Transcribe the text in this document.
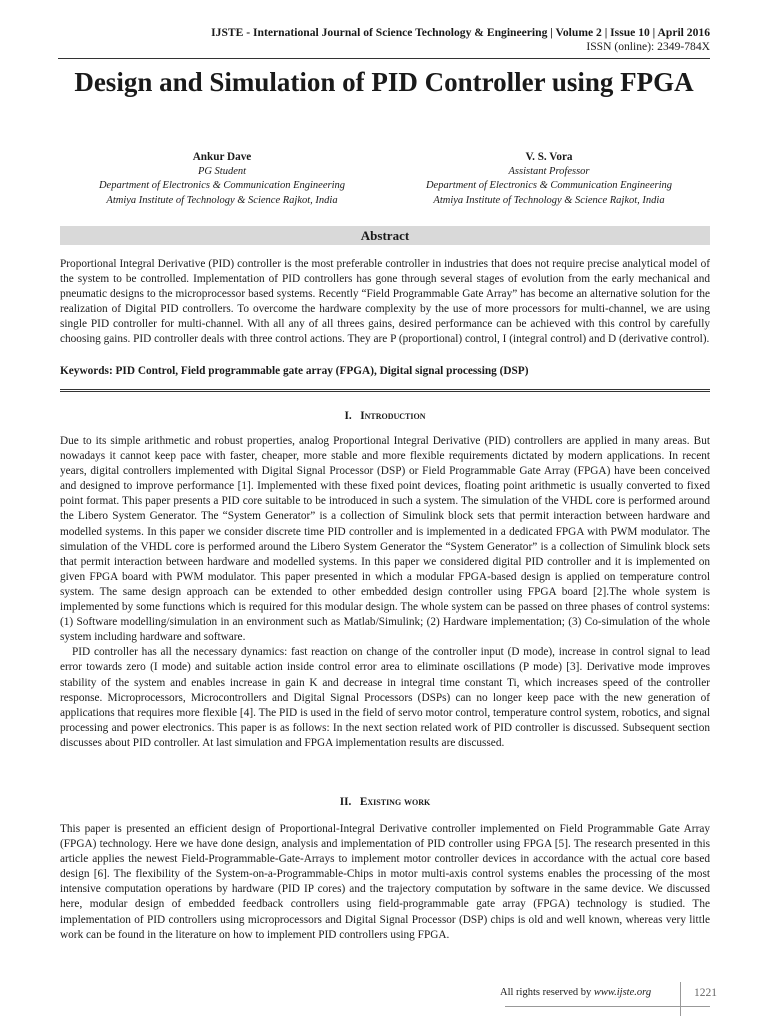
IJSTE - International Journal of Science Technology & Engineering | Volume 2 | Issue 10 | April 2016
ISSN (online): 2349-784X
Design and Simulation of PID Controller using FPGA
Ankur Dave
PG Student
Department of Electronics & Communication Engineering
Atmiya Institute of Technology & Science Rajkot, India
V. S. Vora
Assistant Professor
Department of Electronics & Communication Engineering
Atmiya Institute of Technology & Science Rajkot, India
Abstract

Proportional Integral Derivative (PID) controller is the most preferable controller in industries that does not require precise analytical model of the system to be controlled. Implementation of PID controllers has gone through several stages of evolution from the early mechanical and pneumatic designs to the microprocessor based systems. Recently “Field Programmable Gate Array” has become an alternative solution for the realization of Digital PID controllers. To overcome the hardware complexity by the use of more processors for multi-channel, we are using single PID controller for multi-channel. With all any of all threes gains, desired performance can be achieved with this control by carefully choosing gains. PID controller deals with three control actions. They are P (proportional) control, I (integral control) and D (derivative control).

Keywords: PID Control, Field programmable gate array (FPGA), Digital signal processing (DSP)
I. Introduction

Due to its simple arithmetic and robust properties, analog Proportional Integral Derivative (PID) controllers are applied in many areas. But nowadays it cannot keep pace with faster, cheaper, more stable and more flexible requirements dictated by modern applications. In recent years, digital controllers implemented with Digital Signal Processor (DSP) or Field Programmable Gate Array (FPGA) have been conceived and designed to improve performance [1]. Implemented with these fixed point devices, floating point arithmetic is usually converted to fixed point format. This paper presents a PID core suitable to be introduced in such a system. The simulation of the VHDL core is performed around the Libero System Generator. The “System Generator” is a collection of Simulink block sets that permit interaction between hardware and modelled systems. In this paper we consider discrete time PID controller and is implemented in a dedicated FPGA with PWM modulator. The simulation of the VHDL core is performed around the Libero System Generator the “System Generator” is a collection of Simulink block sets that permit interaction between hardware and modelled systems. In this paper we considered digital PID controller and it is implemented on given FPGA board with PWM modulator. This paper presented in which a modular FPGA-based design is applied on temperature control system. The same design approach can be extended to other embedded design controller using FPGA board [2].The whole system is implemented by some functions which is required for this modular design. The whole system can be passed on three phases of control systems: (1) Software modelling/simulation in an environment such as Matlab/Simulink; (2) Hardware implementation; (3) Co-simulation of the whole system including hardware and software.

PID controller has all the necessary dynamics: fast reaction on change of the controller input (D mode), increase in control signal to lead error towards zero (I mode) and suitable action inside control error area to eliminate oscillations (P mode) [3]. Derivative mode improves stability of the system and enables increase in gain K and decrease in integral time constant Ti, which increases speed of the controller response. Microprocessors, Microcontrollers and Digital Signal Processors (DSPs) can no longer keep pace with the new generation of applications that requires more flexible [4]. The PID is used in the field of servo motor control, temperature control system, robotics, and signal processing and power electronics. This paper is as follows: In the next section related work of PID controller is discussed. Subsequent section discusses about PID controller. At last simulation and FPGA implementation results are discussed.

II. Existing work

This paper is presented an efficient design of Proportional-Integral Derivative controller implemented on Field Programmable Gate Array (FPGA) technology. Here we have done design, analysis and implementation of PID controller using FPGA [5]. The research presented in this article applies the newest Field-Programmable-Gate-Arrays to implement motor controller devices in accordance with the actual core based design [6]. The flexibility of the System-on-a-Programmable-Chips in motor multi-axis control systems enables the processing of the most intensive computation operations by hardware (PID IP cores) and the trajectory computation by software in the same device. We discussed here, modular design of embedded feedback controllers using field-programmable gate array (FPGA) technology is studied. The implementation of PID controllers using microprocessors and Digital Signal Processor (DSP) chips is old and well known, whereas very little work can be found in the literature on how to implement PID controllers using FPGA.

All rights reserved by www.ijste.org	1221
